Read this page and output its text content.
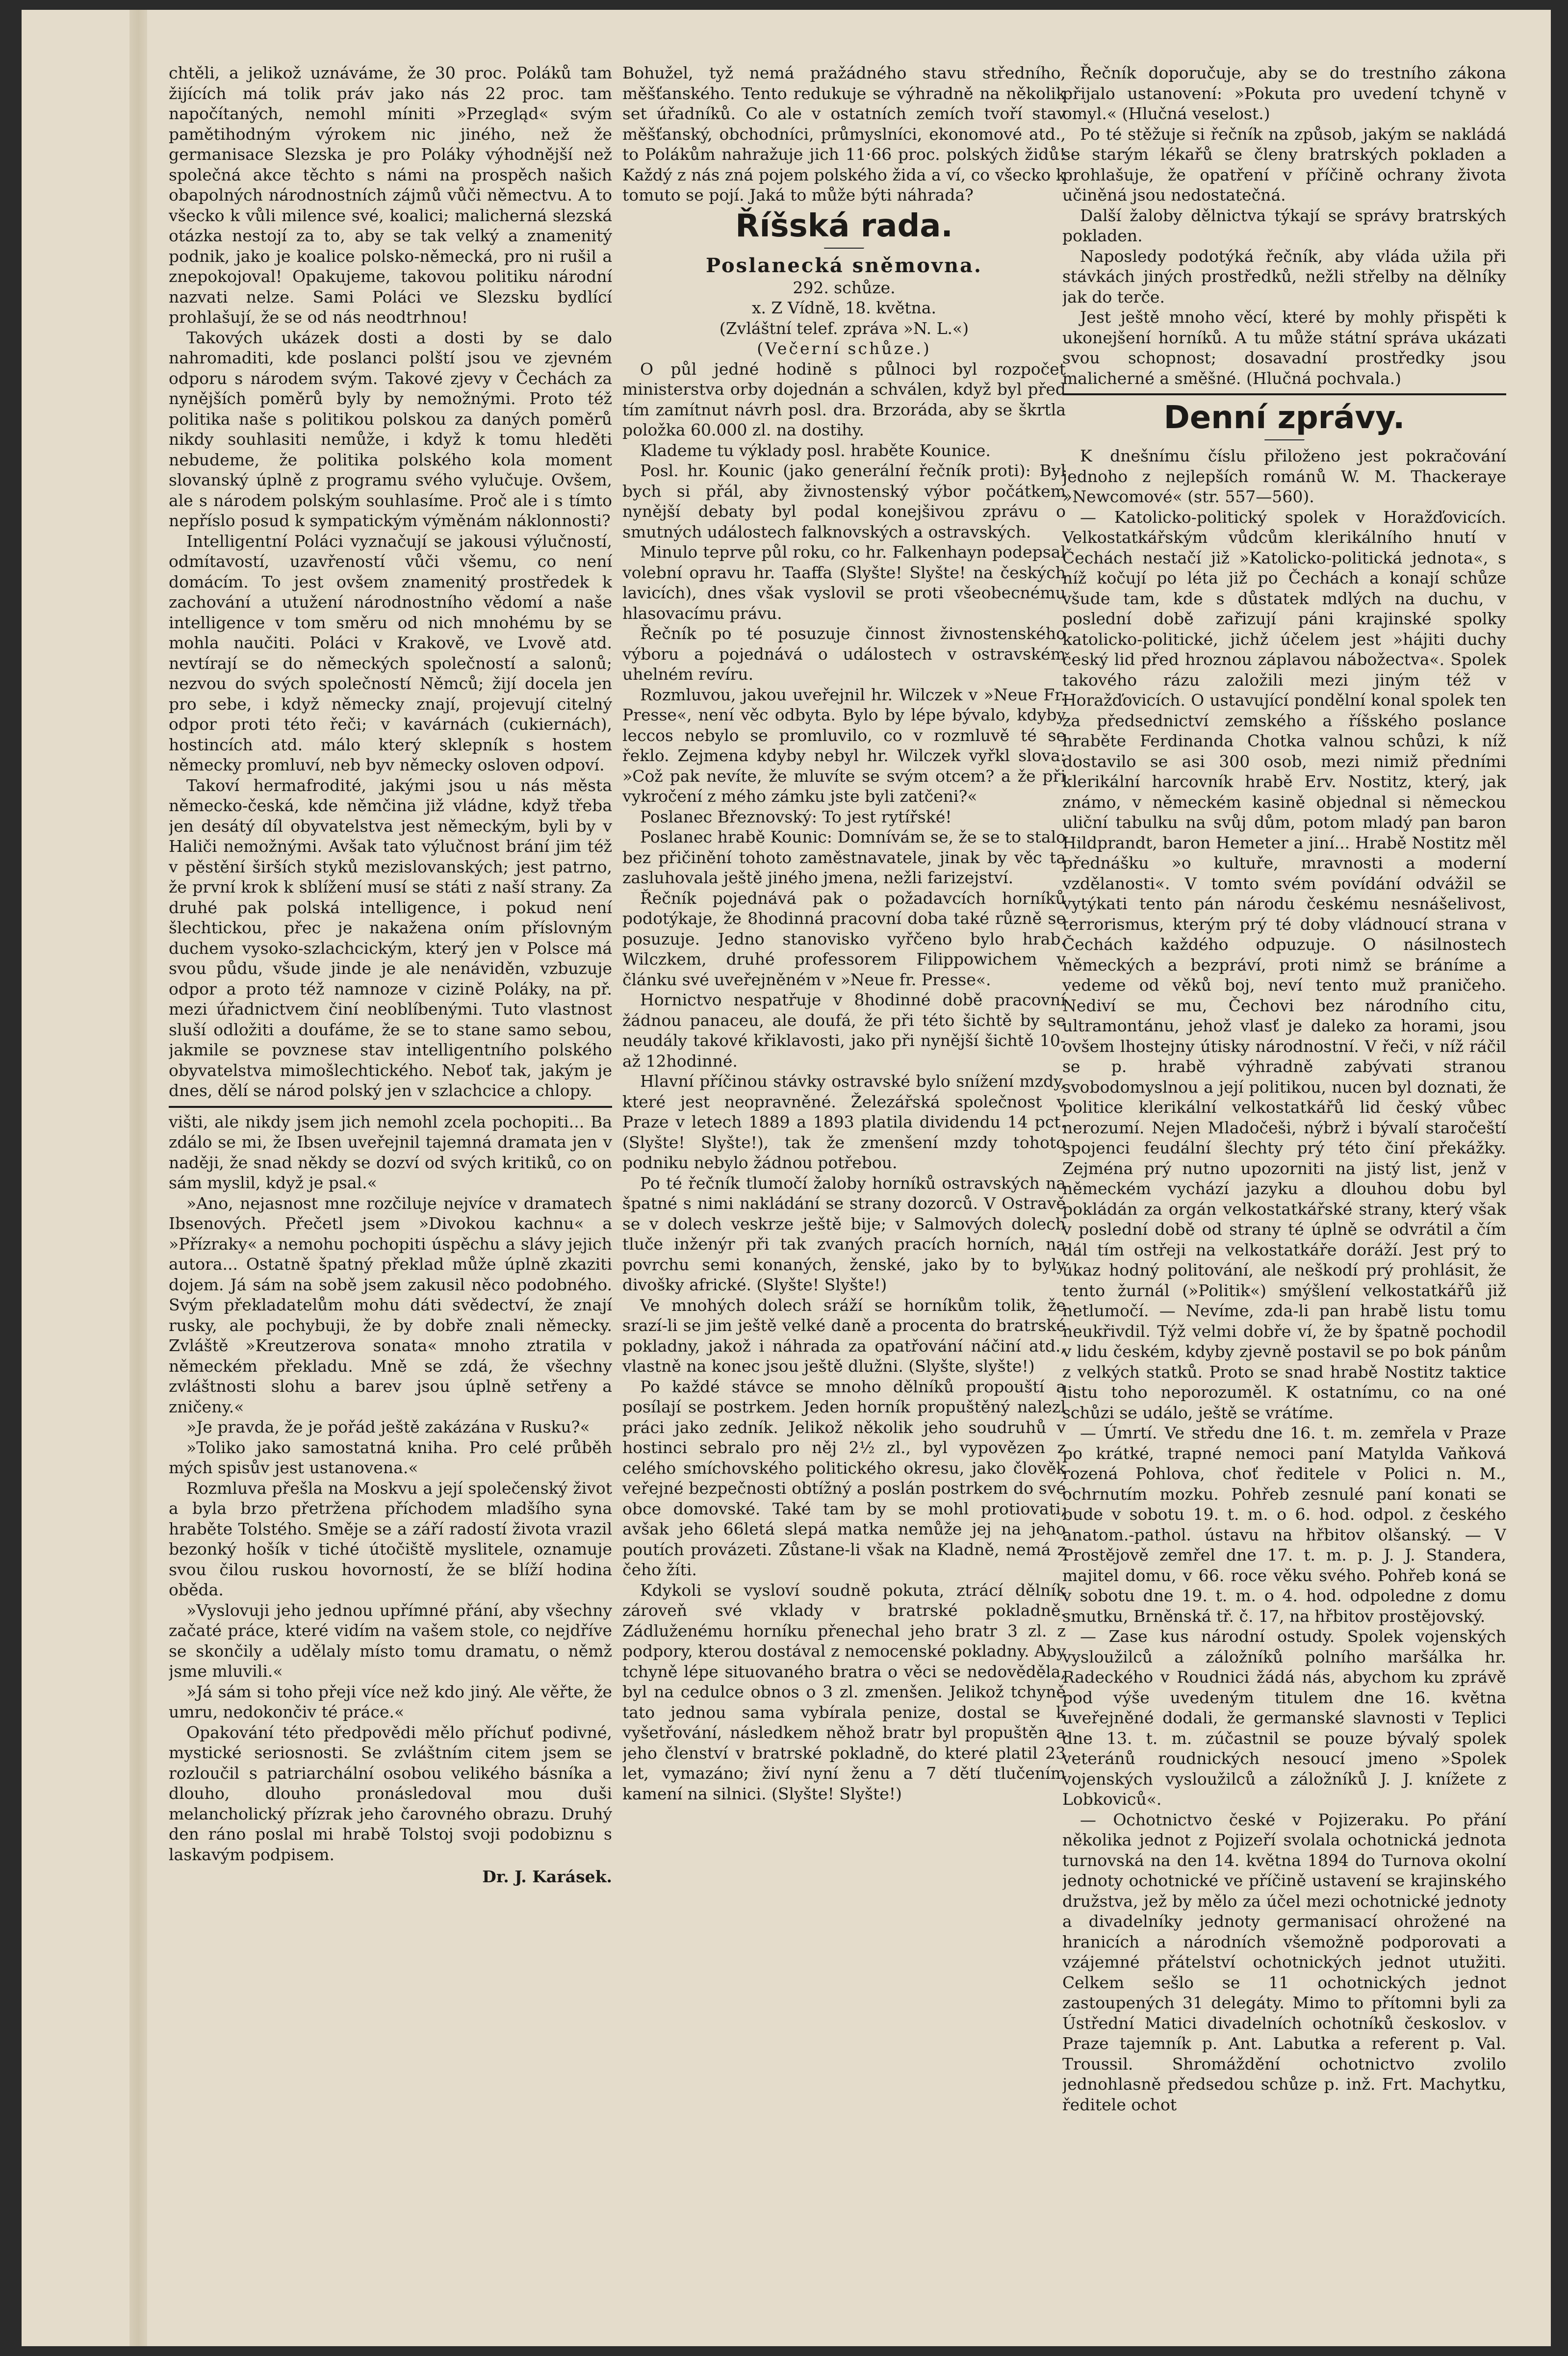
chtěli, a jelikož uznáváme, že 30 proc. Poláků tam žijících má tolik práv jako nás 22 proc. tam napočítaných, nemohl míniti »Przegląd« svým pamětihodným výrokem nic jiného, než že germanisace Slezska je pro Poláky výhodnější než společná akce těchto s námi na prospěch našich obapolných národnostních zájmů vůči němectvu. A to všecko k vůli milence své, koalici; malicherná slezská otázka nestojí za to, aby se tak velký a znamenitý podnik, jako je koalice polsko-německá, pro ni rušil a znepokojoval! Opakujeme, takovou politiku národní nazvati nelze. Sami Poláci ve Slezsku bydlící prohlašují, že se od nás neodtrhnou!

Takových ukázek dosti a dosti by se dalo nahromaditi, kde poslanci polští jsou ve zjevném odporu s národem svým. Takové zjevy v Čechách za nynějších poměrů byly by nemožnými. Proto též politika naše s politikou polskou za daných poměrů nikdy souhlasiti nemůže, i když k tomu hleděti nebudeme, že politika polského kola moment slovanský úplně z programu svého vylučuje. Ovšem, ale s národem polským souhlasíme. Proč ale i s tímto nepříslo posud k sympatickým výměnám náklonnosti?

Intelligentní Poláci vyznačují se jakousi výlučností, odmítavostí, uzavřeností vůči všemu, co není domácím. To jest ovšem znamenitý prostředek k zachování a utužení národnostního vědomí a naše intelligence v tom směru od nich mnohému by se mohla naučiti. Poláci v Krakově, ve Lvově atd. nevtírají se do německých společností a salonů; nezvou do svých společností Němců; žijí docela jen pro sebe, i když německy znají, projevují citelný odpor proti této řeči; v kavárnách (cukiernách), hostincích atd. málo který sklepník s hostem německy promluví, neb byv německy osloven odpoví.

Takoví hermafrodité, jakými jsou u nás města německo-česká, kde němčina již vládne, když třeba jen desátý díl obyvatelstva jest německým, byli by v Haliči nemožnými. Avšak tato výlučnost brání jim též v pěstění širších styků mezislovanských; jest patrno, že první krok k sblížení musí se státi z naší strany. Za druhé pak polská intelligence, i pokud není šlechtickou, přec je nakažena oním příslovným duchem vysoko-szlachcickým, který jen v Polsce má svou půdu, všude jinde je ale nenáviděn, vzbuzuje odpor a proto též namnoze v cizině Poláky, na př. mezi úřadnictvem činí neoblíbenými. Tuto vlastnost sluší odložiti a doufáme, že se to stane samo sebou, jakmile se povznese stav intelligentního polského obyvatelstva mimošlechtického. Neboť tak, jakým je dnes, dělí se národ polský jen v szlachcice a chlopy.

višti, ale nikdy jsem jich nemohl zcela pochopiti... Ba zdálo se mi, že Ibsen uveřejnil tajemná dramata jen v naději, že snad někdy se dozví od svých kritiků, co on sám myslil, když je psal.«

»Ano, nejasnost mne rozčiluje nejvíce v dramatech Ibsenových. Přečetl jsem »Divokou kachnu« a »Přízraky« a nemohu pochopiti úspěchu a slávy jejich autora... Ostatně špatný překlad může úplně zkaziti dojem. Já sám na sobě jsem zakusil něco podobného. Svým překladatelům mohu dáti svědectví, že znají rusky, ale pochybuji, že by dobře znali německy. Zvláště »Kreutzerova sonata« mnoho ztratila v německém překladu. Mně se zdá, že všechny zvláštnosti slohu a barev jsou úplně setřeny a zničeny.«

»Je pravda, že je pořád ještě zakázána v Rusku?«

»Toliko jako samostatná kniha. Pro celé průběh mých spisův jest ustanovena.«

Rozmluva přešla na Moskvu a její společenský život a byla brzo přetržena příchodem mladšího syna hraběte Tolstého. Směje se a září radostí života vrazil bezonký hošík v tiché útočiště myslitele, oznamuje svou čilou ruskou hovorností, že se blíží hodina oběda.

»Vyslovuji jeho jednou upřímné přání, aby všechny začaté práce, které vidím na vašem stole, co nejdříve se skončily a udělaly místo tomu dramatu, o němž jsme mluvili.«

»Já sám si toho přeji více než kdo jiný. Ale věřte, že umru, nedokončiv té práce.«

Opakování této předpovědi mělo příchuť podivné, mystické seriosnosti. Se zvláštním citem jsem se rozloučil s patriarchální osobou velikého básníka a dlouho, dlouho pronásledoval mou duši melancholický přízrak jeho čarovného obrazu. Druhý den ráno poslal mi hrabě Tolstoj svoji podobiznu s laskavým podpisem.

Dr. J. Karásek.

Bohužel, tyž nemá pražádného stavu středního, měšťanského. Tento redukuje se výhradně na několik set úřadníků. Co ale v ostatních zemích tvoří stav měšťanský, obchodníci, průmyslníci, ekonomové atd., to Polákům nahražuje jich 11·66 proc. polských židů! Každý z nás zná pojem polského žida a ví, co všecko k tomuto se pojí. Jaká to může býti náhrada?

Říšská rada.
Poslanecká sněmovna.

292. schůze.

x. Z Vídně, 18. května.

(Zvláštní telef. zpráva »N. L.«)

(Večerní schůze.)

O půl jedné hodině s půlnoci byl rozpočet ministerstva orby dojednán a schválen, když byl před tím zamítnut návrh posl. dra. Brzoráda, aby se škrtla položka 60.000 zl. na dostihy.

Klademe tu výklady posl. hraběte Kounice.

Posl. hr. Kounic (jako generální řečník proti): Byl bych si přál, aby živnostenský výbor počátkem nynější debaty byl podal konejšivou zprávu o smutných událostech falknovských a ostravských.

Minulo teprve půl roku, co hr. Falkenhayn podepsal volební opravu hr. Taaffa (Slyšte! Slyšte! na českých lavicích), dnes však vyslovil se proti všeobecnému hlasovacímu právu.

Řečník po té posuzuje činnost živnostenského výboru a pojednává o událostech v ostravském uhelném revíru.

Rozmluvou, jakou uveřejnil hr. Wilczek v »Neue Fr. Presse«, není věc odbyta. Bylo by lépe bývalo, kdyby leccos nebylo se promluvilo, co v rozmluvě té se řeklo. Zejmena kdyby nebyl hr. Wilczek vyřkl slova: »Což pak nevíte, že mluvíte se svým otcem? a že při vykročení z mého zámku jste byli zatčeni?«

Poslanec Březnovský: To jest rytířské!

Poslanec hrabě Kounic: Domnívám se, že se to stalo bez přičinění tohoto zaměstnavatele, jinak by věc ta zasluhovala ještě jiného jmena, nežli farizejství.

Řečník pojednává pak o požadavcích horníků podotýkaje, že 8hodinná pracovní doba také různě se posuzuje. Jedno stanovisko vyřčeno bylo hrab. Wilczkem, druhé professorem Filippowichem v článku své uveřejněném v »Neue fr. Presse«.

Hornictvo nespatřuje v 8hodinné době pracovní žádnou panaceu, ale doufá, že při této šichtě by se neudály takové křiklavosti, jako při nynější šichtě 10- až 12hodinné.

Hlavní příčinou stávky ostravské bylo snížení mzdy, které jest neopravněné. Železářská společnost v Praze v letech 1889 a 1893 platila dividendu 14 pct. (Slyšte! Slyšte!), tak že zmenšení mzdy tohoto podniku nebylo žádnou potřebou.

Po té řečník tlumočí žaloby horníků ostravských na špatné s nimi nakládání se strany dozorců. V Ostravě se v dolech veskrze ještě bije; v Salmových dolech tluče inženýr při tak zvaných pracích horních, na povrchu semi konaných, ženské, jako by to byly divošky africké. (Slyšte! Slyšte!)

Ve mnohých dolech sráží se horníkům tolik, že srazí-li se jim ještě velké daně a procenta do bratrské pokladny, jakož i náhrada za opatřování náčiní atd., vlastně na konec jsou ještě dlužni. (Slyšte, slyšte!)

Po každé stávce se mnoho dělníků propouští a posílají se postrkem. Jeden horník propuštěný nalezl práci jako zedník. Jelikož několik jeho soudruhů v hostinci sebralo pro něj 2½ zl., byl vypovězen z celého smíchovského politického okresu, jako člověk veřejné bezpečnosti obtížný a poslán postrkem do své obce domovské. Také tam by se mohl protiovati, avšak jeho 66letá slepá matka nemůže jej na jeho poutích provázeti. Zůstane-li však na Kladně, nemá z čeho žíti.

Kdykoli se vysloví soudně pokuta, ztrácí dělník zároveň své vklady v bratrské pokladně. Zádluženému horníku přenechal jeho bratr 3 zl. z podpory, kterou dostával z nemocenské pokladny. Aby tchyně lépe situovaného bratra o věci se nedověděla, byl na cedulce obnos o 3 zl. zmenšen. Jelikož tchyně tato jednou sama vybírala penize, dostal se k vyšetřování, následkem něhož bratr byl propuštěn a jeho členství v bratrské pokladně, do které platil 23 let, vymazáno; živí nyní ženu a 7 dětí tlučením kamení na silnici. (Slyšte! Slyšte!)

Řečník doporučuje, aby se do trestního zákona přijalo ustanovení: »Pokuta pro uvedení tchyně v omyl.« (Hlučná veselost.)

Po té stěžuje si řečník na způsob, jakým se nakládá se starým lékařů se členy bratrských pokladen a prohlašuje, že opatření v příčině ochrany života učiněná jsou nedostatečná.

Další žaloby dělnictva týkají se správy bratrských pokladen.

Naposledy podotýká řečník, aby vláda užila při stávkách jiných prostředků, nežli střelby na dělníky jak do terče.

Jest ještě mnoho věcí, které by mohly přispěti k ukonejšení horníků. A tu může státní správa ukázati svou schopnost; dosavadní prostředky jsou malicherné a směšné. (Hlučná pochvala.)

Denní zprávy.

K dnešnímu číslu přiloženo jest pokračování jednoho z nejlepších románů W. M. Thackeraye »Newcomové« (str. 557—560).

— Katolicko-politický spolek v Horažďovicích. Velkostatkářským vůdcům klerikálního hnutí v Čechách nestačí již »Katolicko-politická jednota«, s níž kočují po léta již po Čechách a konají schůze všude tam, kde s důstatek mdlých na duchu, v poslední době zařizují páni krajinské spolky katolicko-politické, jichž účelem jest »hájiti duchy český lid před hroznou záplavou nábožectva«. Spolek takového rázu založili mezi jiným též v Horažďovicích. O ustavující pondělní konal spolek ten za předsednictví zemského a říšského poslance hraběte Ferdinanda Chotka valnou schůzi, k níž dostavilo se asi 300 osob, mezi nimiž předními klerikální harcovník hrabě Erv. Nostitz, který, jak známo, v německém kasině objednal si německou uliční tabulku na svůj dům, potom mladý pan baron Hildprandt, baron Hemeter a jiní... Hrabě Nostitz měl přednášku »o kultuře, mravnosti a moderní vzdělanosti«. V tomto svém povídání odvážil se vytýkati tento pán národu českému nesnášelivost, terrorismus, kterým prý té doby vládnoucí strana v Čechách každého odpuzuje. O násilnostech německých a bezpráví, proti nimž se bráníme a vedeme od věků boj, neví tento muž praničeho. Nediví se mu, Čechovi bez národního citu, ultramontánu, jehož vlasť je daleko za horami, jsou ovšem lhostejny útisky národnostní. V řeči, v níž ráčil se p. hrabě výhradně zabývati stranou svobodomyslnou a její politikou, nucen byl doznati, že politice klerikální velkostatkářů lid český vůbec nerozumí. Nejen Mladočeši, nýbrž i bývalí staročeští spojenci feudální šlechty prý této činí překážky. Zejména prý nutno upozorniti na jistý list, jenž v německém vychází jazyku a dlouhou dobu byl pokládán za orgán velkostatkářské strany, který však v poslední době od strany té úplně se odvrátil a čím dál tím ostřeji na velkostatkáře doráží. Jest prý to úkaz hodný politování, ale neškodí prý prohlásit, že tento žurnál (»Politik«) smýšlení velkostatkářů již netlumočí. — Nevíme, zda-li pan hrabě listu tomu neukřivdil. Týž velmi dobře ví, že by špatně pochodil v lidu českém, kdyby zjevně postavil se po bok pánům z velkých statků. Proto se snad hrabě Nostitz taktice listu toho neporozuměl. K ostatnímu, co na oné schůzi se událo, ještě se vrátíme.

— Úmrtí. Ve středu dne 16. t. m. zemřela v Praze po krátké, trapné nemoci paní Matylda Vaňková rozená Pohlova, choť ředitele v Polici n. M., ochrnutím mozku. Pohřeb zesnulé paní konati se bude v sobotu 19. t. m. o 6. hod. odpol. z českého anatom.-pathol. ústavu na hřbitov olšanský. — V Prostějově zemřel dne 17. t. m. p. J. J. Standera, majitel domu, v 66. roce věku svého. Pohřeb koná se v sobotu dne 19. t. m. o 4. hod. odpoledne z domu smutku, Brněnská tř. č. 17, na hřbitov prostějovský.

— Zase kus národní ostudy. Spolek vojenských vysloužilců a záložníků polního maršálka hr. Radeckého v Roudnici žádá nás, abychom ku zprávě pod výše uvedeným titulem dne 16. května uveřejněné dodali, že germanské slavnosti v Teplici dne 13. t. m. zúčastnil se pouze bývalý spolek veteránů roudnických nesoucí jmeno »Spolek vojenských vysloužilců a záložníků J. J. knížete z Lobkoviců«.

— Ochotnictvo české v Pojizeraku. Po přání několika jednot z Pojizeří svolala ochotnická jednota turnovská na den 14. května 1894 do Turnova okolní jednoty ochotnické ve příčině ustavení se krajinského družstva, jež by mělo za účel mezi ochotnické jednoty a divadelníky jednoty germanisací ohrožené na hranicích a národních všemožně podporovati a vzájemné přátelství ochotnických jednot utužiti. Celkem sešlo se 11 ochotnických jednot zastoupených 31 delegáty. Mimo to přítomni byli za Ústřední Matici divadelních ochotníků českoslov. v Praze tajemník p. Ant. Labutka a referent p. Val. Troussil. Shromáždění ochotnictvo zvolilo jednohlasně předsedou schůze p. inž. Frt. Machytku, ředitele ochot
